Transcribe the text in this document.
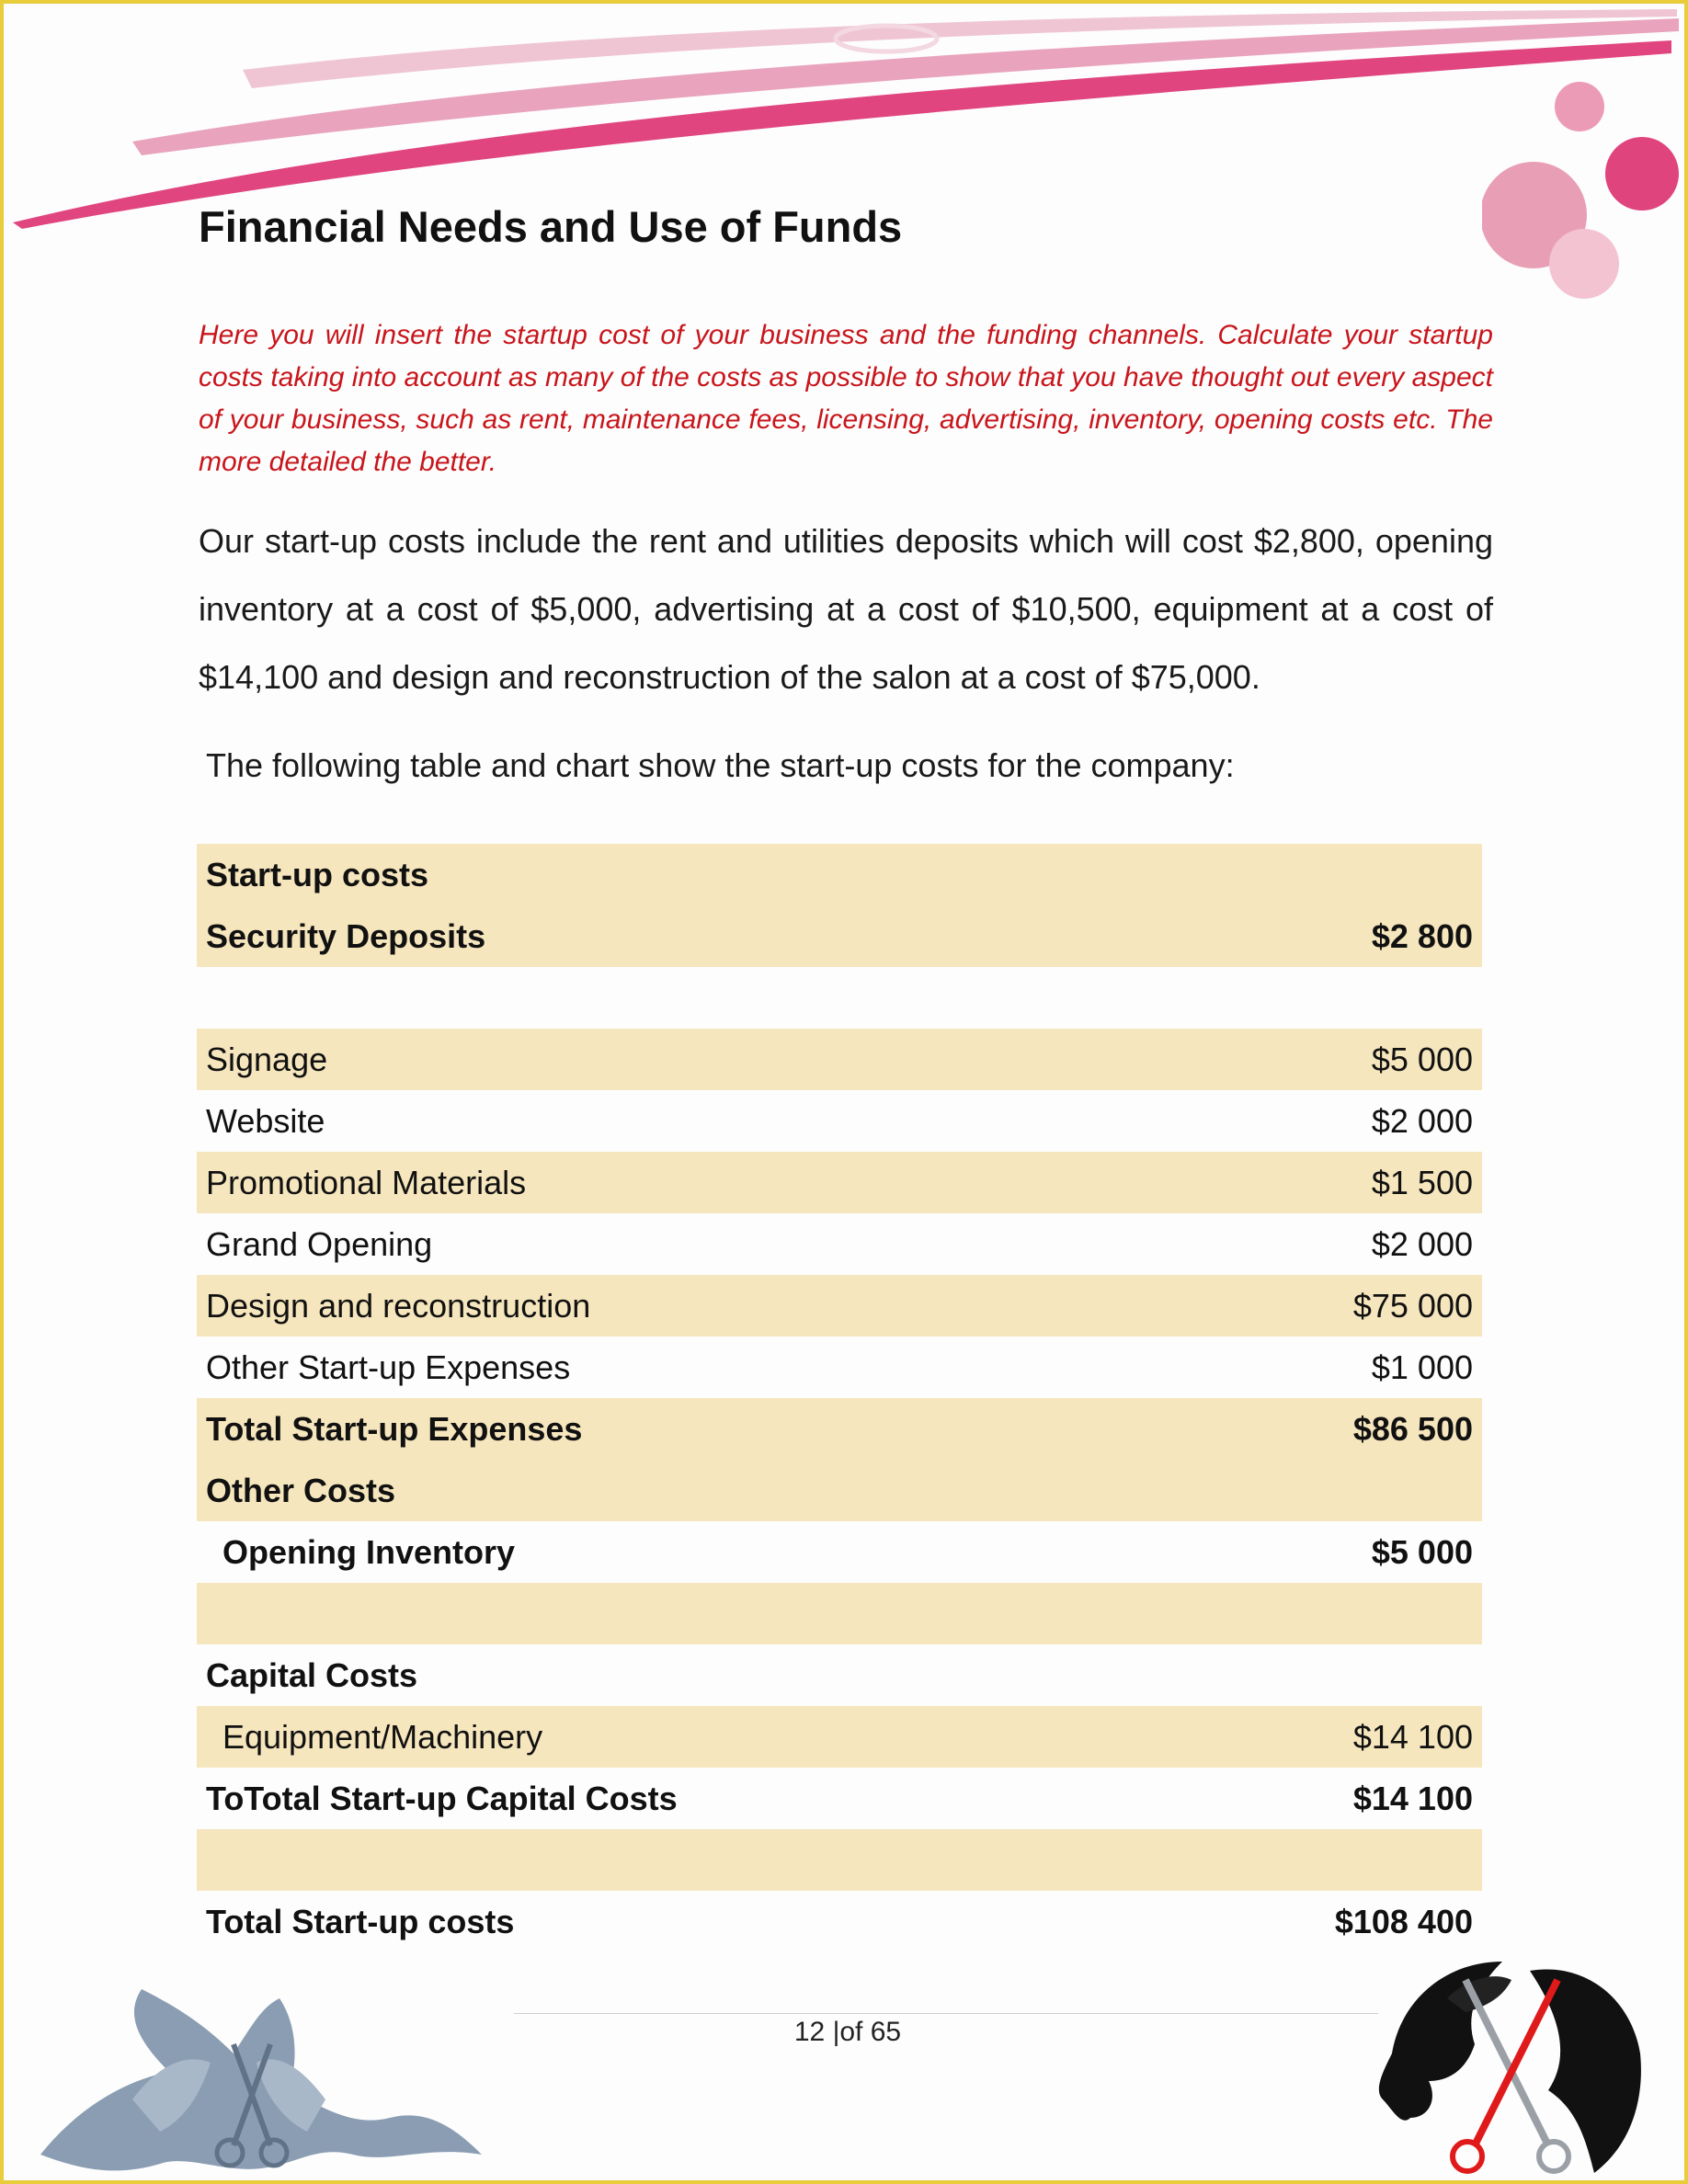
Financial Needs and Use of Funds

Here you will insert the startup cost of your business and the funding channels. Calculate your startup costs taking into account as many of the costs as possible to show that you have thought out every aspect of your business, such as rent, maintenance fees, licensing, advertising, inventory, opening costs etc. The more detailed the better.

Our start-up costs include the rent and utilities deposits which will cost $2,800, opening inventory at a cost of $5,000, advertising at a cost of $10,500, equipment at a cost of $14,100 and design and reconstruction of the salon at a cost of $75,000.

The following table and chart show the start-up costs for the company:

Start-up costs	
Security Deposits	$2 800

Signage	$5 000
Website	$2 000
Promotional Materials	$1 500
Grand Opening	$2 000
Design and reconstruction	$75 000
Other Start-up Expenses	$1 000
Total Start-up Expenses	$86 500
Other Costs	
Opening Inventory	$5 000

Capital Costs	
Equipment/Machinery	$14 100
ToTotal Start-up Capital Costs	$14 100

Total Start-up costs	$108 400
12 |of 65
